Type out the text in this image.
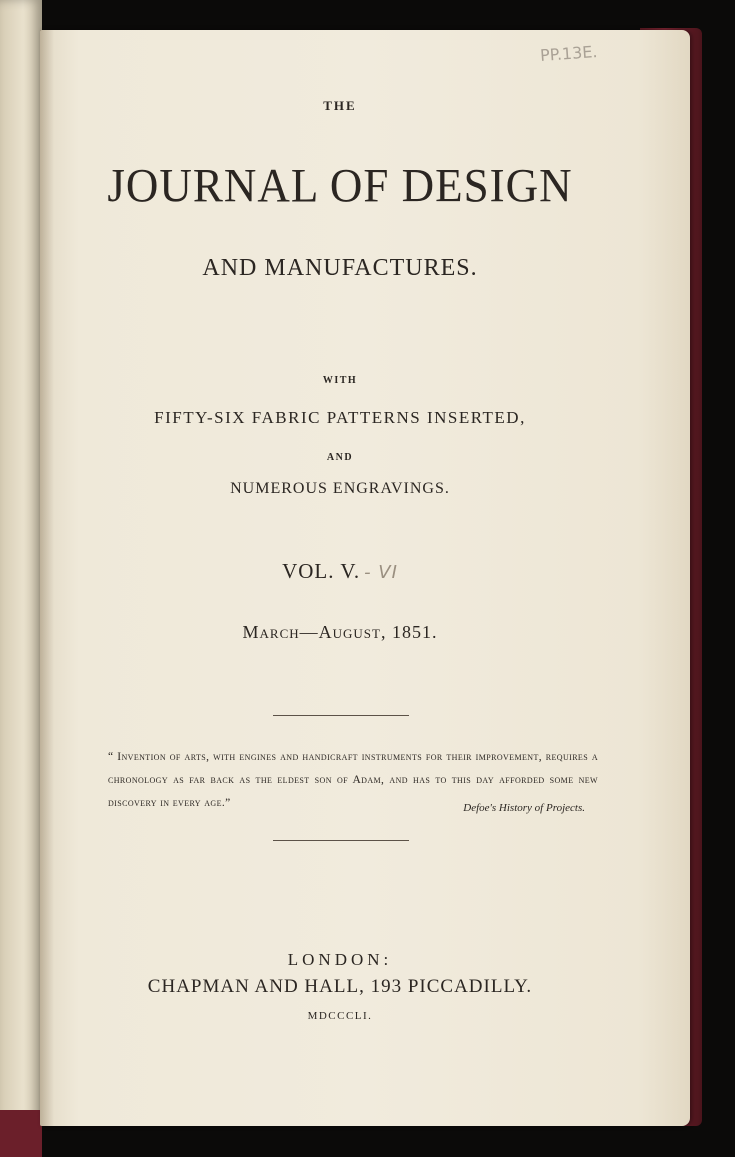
PP.13E.
THE
JOURNAL OF DESIGN
AND MANUFACTURES.
WITH
FIFTY-SIX FABRIC PATTERNS INSERTED,
AND
NUMEROUS ENGRAVINGS.
VOL. V. - VI
March—August, 1851.
“ Invention of arts, with engines and handicraft instruments for their improvement, requires a chronology as far back as the eldest son of Adam, and has to this day afforded some new discovery in every age.”	Defoe's History of Projects.
LONDON:
CHAPMAN AND HALL, 193 PICCADILLY.
MDCCCLI.
